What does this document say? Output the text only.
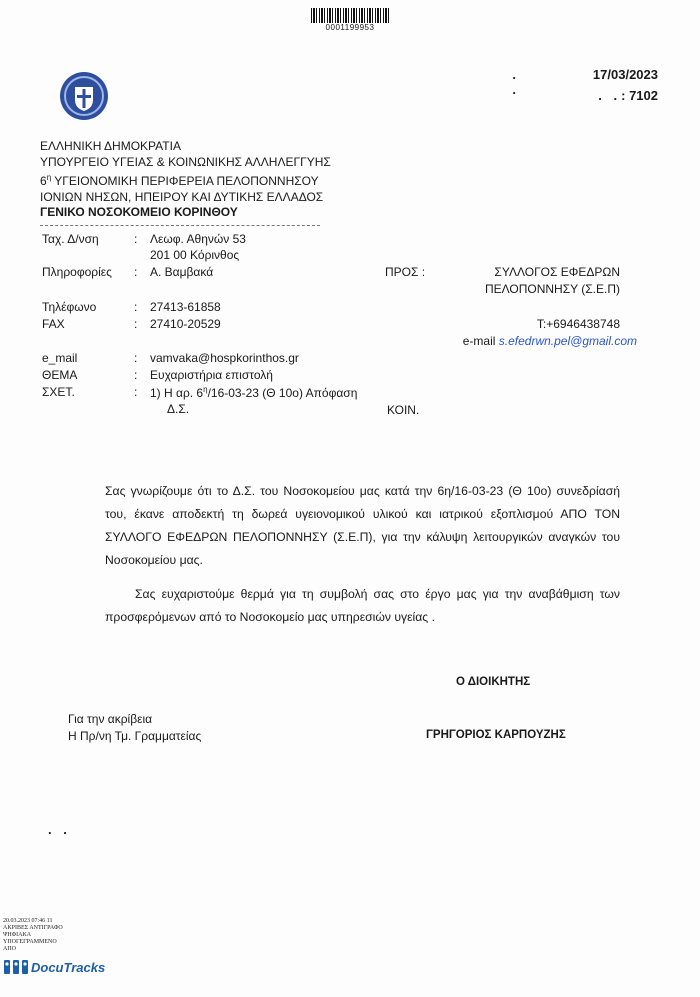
0001199953
. .
17/03/2023
. .: 7102
ΕΛΛΗΝΙΚΗ ΔΗΜΟΚΡΑΤΙΑ
ΥΠΟΥΡΓΕΙΟ ΥΓΕΙΑΣ & ΚΟΙΝΩΝΙΚΗΣ ΑΛΛΗΛΕΓΓΥΗΣ
$6^\eta$ ΥΓΕΙΟΝΟΜΙΚΗ ΠΕΡΙΦΕΡΕΙΑ ΠΕΛΟΠΟΝΝΗΣΟΥ
ΙΟΝΙΩΝ ΝΗΣΩΝ, ΗΠΕΙΡΟΥ ΚΑΙ ΔΥΤΙΚΗΣ ΕΛΛΑΔΟΣ
ΓΕΝΙΚΟ ΝΟΣΟΚΟΜΕΙΟ ΚΟΡΙΝΘΟΥ
Ταχ. Δ/νση	: Λεωφ. Αθηνών 53
201 00 Κόρινθος
Πληροφορίες : Α. Βαμβακά
Τηλέφωνο	: 27413-61858
FAX	: 27410-20529
e_mail	: vamvaka@hospkorinthos.gr
ΘΕΜΑ	: Ευχαριστήρια επιστολή
ΣΧΕΤ.	: 1) Η αρ. $6^\eta/16-03-23$ (Θ 10ο) Απόφαση
Δ.Σ.
ΠΡΟΣ :	ΣΥΛΛΟΓΟΣ ΕΦΕΔΡΩΝ
ΠΕΛΟΠΟΝΝΗΣΥ (Σ.Ε.Π)
Τ:+6946438748
e-mail s.efedrwn.pel@gmail.com
ΚΟΙΝ.
Σας γνωρίζουμε ότι το Δ.Σ. του Νοσοκομείου μας κατά την 6η/16-03-23 (Θ 10ο) συνεδρίασή του, έκανε αποδεκτή τη δωρεά υγειονομικού υλικού και ιατρικού εξοπλισμού ΑΠΟ ΤΟΝ ΣΥΛΛΟΓΟ ΕΦΕΔΡΩΝ ΠΕΛΟΠΟΝΝΗΣΥ (Σ.Ε.Π), για την κάλυψη λειτουργικών αναγκών του Νοσοκομείου μας.
Σας ευχαριστούμε θερμά για τη συμβολή σας στο έργο μας για την αναβάθμιση των προσφερόμενων από το Νοσοκομείο μας υπηρεσιών υγείας .
Ο ΔΙΟΙΚΗΤΗΣ
Για την ακρίβεια
Η Πρ/νη Τμ. Γραμματείας	ΓΡΗΓΟΡΙΟΣ ΚΑΡΠΟΥΖΗΣ
. .
20.03.2023 07:46 11
ΑΚΡΙΒΕΣ ΑΝΤΙΓΡΑΦΟ
ΨΗΦΙΑΚΑ
ΥΠΟΓΕΓΡΑΜΜΕΝΟ
ΑΠΟ
DocuTracks
